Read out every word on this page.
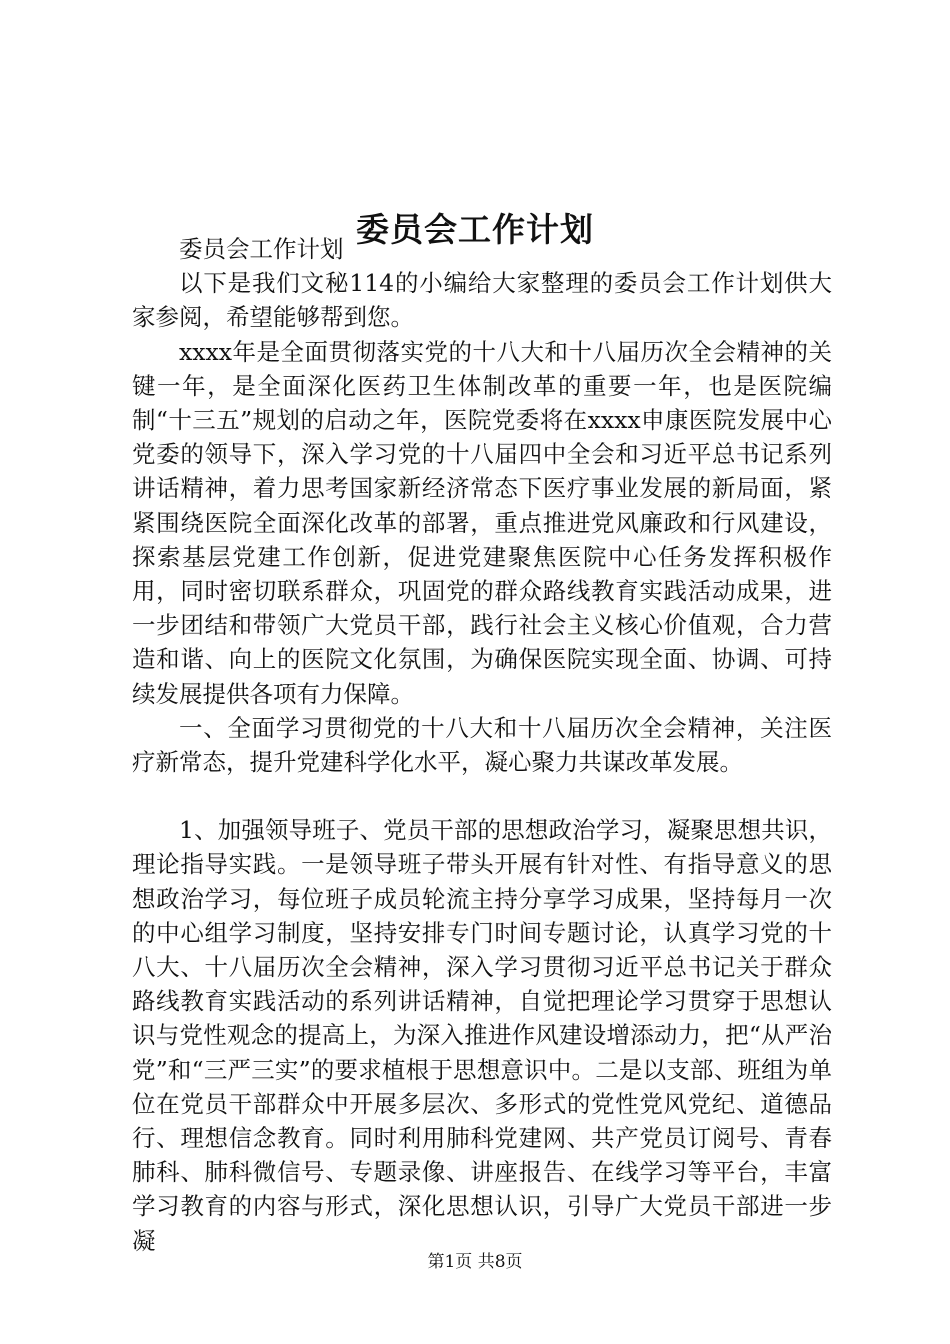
委员会工作计划

委员会工作计划

以下是我们文秘114的小编给大家整理的委员会工作计划供大家参阅，希望能够帮到您。

xxxx年是全面贯彻落实党的十八大和十八届历次全会精神的关键一年，是全面深化医药卫生体制改革的重要一年，也是医院编制“十三五”规划的启动之年，医院党委将在xxxx申康医院发展中心党委的领导下，深入学习党的十八届四中全会和习近平总书记系列讲话精神，着力思考国家新经济常态下医疗事业发展的新局面，紧紧围绕医院全面深化改革的部署，重点推进党风廉政和行风建设，探索基层党建工作创新，促进党建聚焦医院中心任务发挥积极作用，同时密切联系群众，巩固党的群众路线教育实践活动成果，进一步团结和带领广大党员干部，践行社会主义核心价值观，合力营造和谐、向上的医院文化氛围，为确保医院实现全面、协调、可持续发展提供各项有力保障。

一、全面学习贯彻党的十八大和十八届历次全会精神，关注医疗新常态，提升党建科学化水平，凝心聚力共谋改革发展。

1、加强领导班子、党员干部的思想政治学习，凝聚思想共识，理论指导实践。一是领导班子带头开展有针对性、有指导意义的思想政治学习，每位班子成员轮流主持分享学习成果，坚持每月一次的中心组学习制度，坚持安排专门时间专题讨论，认真学习党的十八大、十八届历次全会精神，深入学习贯彻习近平总书记关于群众路线教育实践活动的系列讲话精神，自觉把理论学习贯穿于思想认识与党性观念的提高上，为深入推进作风建设增添动力，把“从严治党”和“三严三实”的要求植根于思想意识中。二是以支部、班组为单位在党员干部群众中开展多层次、多形式的党性党风党纪、道德品行、理想信念教育。同时利用肺科党建网、共产党员订阅号、青春肺科、肺科微信号、专题录像、讲座报告、在线学习等平台，丰富学习教育的内容与形式，深化思想认识，引导广大党员干部进一步凝

第1页 共8页
